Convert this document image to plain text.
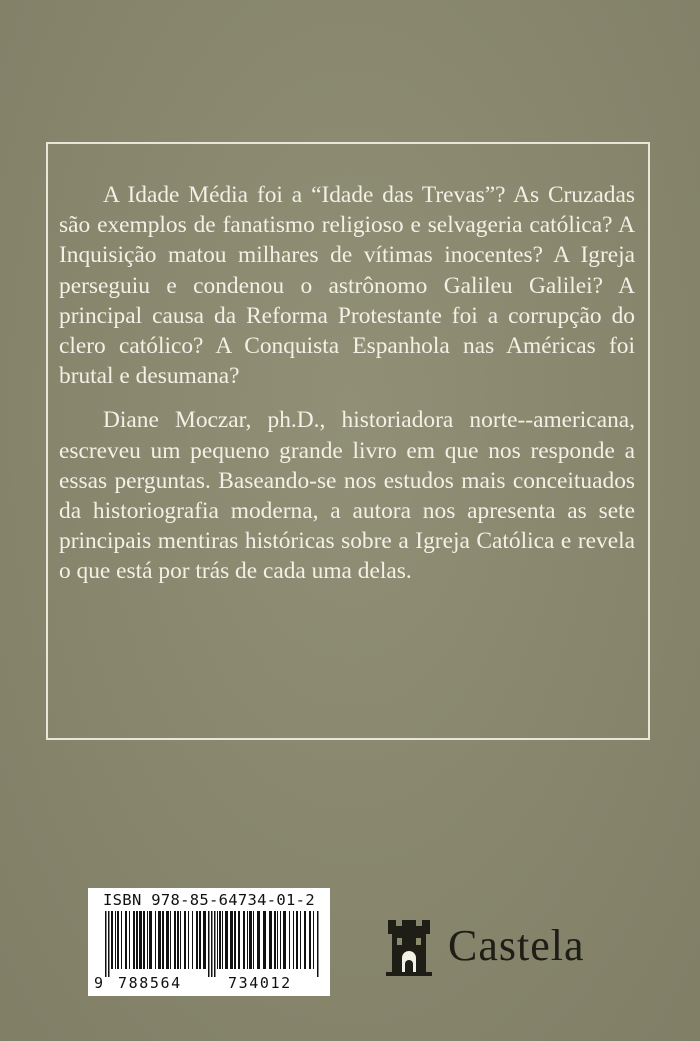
A Idade Média foi a “Idade das Trevas”? As Cruzadas são exemplos de fanatismo religioso e selvageria católica? A Inquisição matou milhares de vítimas inocentes? A Igreja perseguiu e condenou o astrônomo Galileu Galilei? A principal causa da Reforma Protestante foi a corrupção do clero católico? A Conquista Espanhola nas Américas foi brutal e desumana?

Diane Moczar, ph.D., historiadora norte--americana, escreveu um pequeno grande livro em que nos responde a essas perguntas. Baseando-se nos estudos mais conceituados da historiografia moderna, a autora nos apresenta as sete principais mentiras históricas sobre a Igreja Católica e revela o que está por trás de cada uma delas.

ISBN 978-85-64734-01-2
9 788564	734012
Castela
